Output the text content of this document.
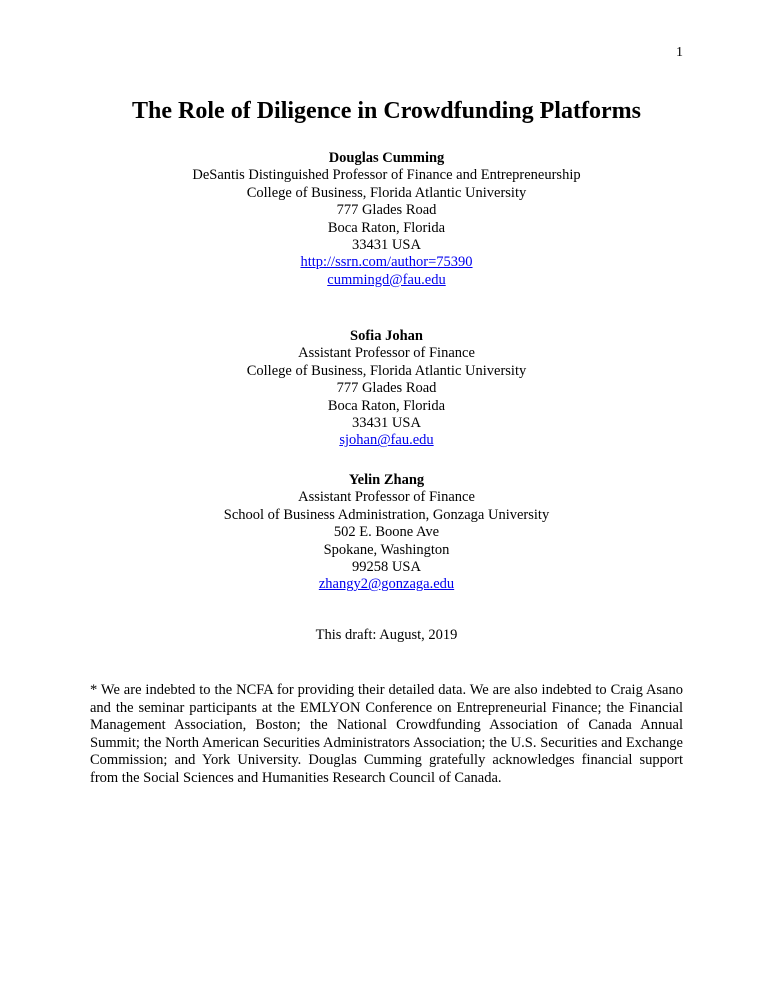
1
The Role of Diligence in Crowdfunding Platforms
Douglas Cumming
DeSantis Distinguished Professor of Finance and Entrepreneurship
College of Business, Florida Atlantic University
777 Glades Road
Boca Raton, Florida
33431 USA
http://ssrn.com/author=75390
cummingd@fau.edu
Sofia Johan
Assistant Professor of Finance
College of Business, Florida Atlantic University
777 Glades Road
Boca Raton, Florida
33431 USA
sjohan@fau.edu
Yelin Zhang
Assistant Professor of Finance
School of Business Administration, Gonzaga University
502 E. Boone Ave
Spokane, Washington
99258 USA
zhangy2@gonzaga.edu
This draft: August, 2019

* We are indebted to the NCFA for providing their detailed data. We are also indebted to Craig Asano and the seminar participants at the EMLYON Conference on Entrepreneurial Finance; the Financial Management Association, Boston; the National Crowdfunding Association of Canada Annual Summit; the North American Securities Administrators Association; the U.S. Securities and Exchange Commission; and York University. Douglas Cumming gratefully acknowledges financial support from the Social Sciences and Humanities Research Council of Canada.
